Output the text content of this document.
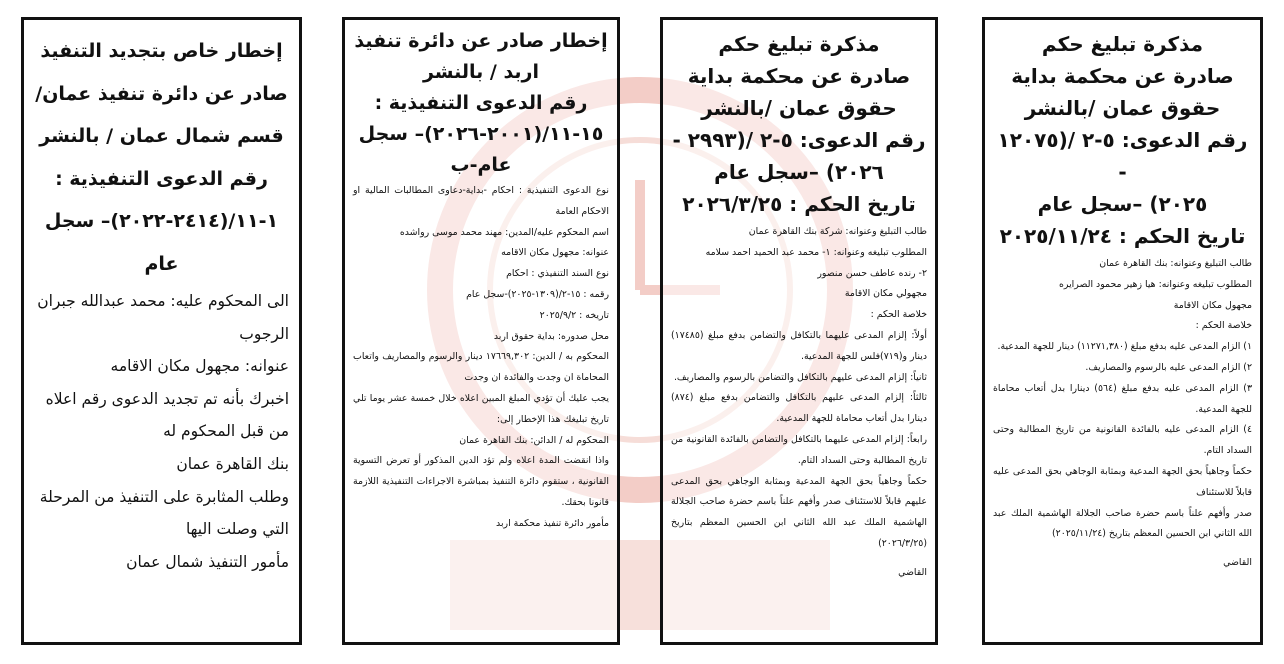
مذكرة تبليغ حكم
صادرة عن محكمة بداية
حقوق عمان /بالنشر
رقم الدعوى: ٥-٢ /(١٢٠٧٥ -
٢٠٢٥) –سجل عام
تاريخ الحكم : ٢٠٢٥/١١/٢٤

طالب التبليغ وعنوانه: بنك القاهرة عمان

المطلوب تبليغه وعنوانه: هيا زهير محمود الصرايره

مجهول مكان الاقامة

خلاصة الحكم :

١) الزام المدعى عليه بدفع مبلغ (١١٢٧١,٣٨٠) دينار للجهة المدعية.

٢) الزام المدعى عليه بالرسوم والمصاريف.

٣) الزام المدعى عليه بدفع مبلغ (٥٦٤) دينارا بدل أتعاب محاماة للجهة المدعية.

٤) الزام المدعى عليه بالفائدة القانونية من تاريخ المطالبة وحتى السداد التام.

حكماً وجاهياً بحق الجهة المدعية وبمثابة الوجاهي بحق المدعى عليه قابلاً للاستئناف

صدر وأفهم علناً باسم حضرة صاحب الجلالة الهاشمية الملك عبد الله الثاني ابن الحسين المعظم بتاريخ (٢٠٢٥/١١/٢٤)

القاضي

مذكرة تبليغ حكم
صادرة عن محكمة بداية
حقوق عمان /بالنشر
رقم الدعوى: ٥-٢ /(٢٩٩٣ -
٢٠٢٦) –سجل عام
تاريخ الحكم : ٢٠٢٦/٣/٢٥

طالب التبليغ وعنوانه: شركة بنك القاهرة عمان

المطلوب تبليغه وعنوانه: ١- محمد عبد الحميد احمد سلامه

٢- رنده عاطف حسن منصور

مجهولي مكان الاقامة

خلاصة الحكم :

أولاً: إلزام المدعى عليهما بالتكافل والتضامن بدفع مبلغ (١٧٤٨٥) دينار و(٧١٩)فلس للجهة المدعية.

ثانياً: إلزام المدعى عليهم بالتكافل والتضامن بالرسوم والمصاريف.

ثالثاً: إلزام المدعى عليهم بالتكافل والتضامن بدفع مبلغ (٨٧٤) دينارا بدل أتعاب محاماة للجهة المدعية.

رابعاً: إلزام المدعى عليهما بالتكافل والتضامن بالفائدة القانونية من تاريخ المطالبة وحتى السداد التام.

حكماً وجاهياً بحق الجهة المدعية وبمثابة الوجاهي بحق المدعى عليهم قابلاً للاستئناف صدر وأفهم علناً باسم حضرة صاحب الجلالة الهاشمية الملك عبد الله الثاني ابن الحسين المعظم بتاريخ (٢٠٢٦/٣/٢٥)

القاضي

إخطار صادر عن دائرة تنفيذ
اربد / بالنشر
رقم الدعوى التنفيذية :
١٥-١١/(٢٠٠١-٢٠٢٦)– سجل
عام-ب

نوع الدعوى التنفيذية : احكام -بداية-دعاوى المطالبات المالية او الاحكام العامة

اسم المحكوم عليه/المدين: مهند محمد موسى رواشده

عنوانه: مجهول مكان الاقامه

نوع السند التنفيذي : احكام

رقمه : ١٥-٢/(١٣٠٩-٢٠٢٥)-سجل عام

تاريخه : ٢٠٢٥/٩/٢

محل صدوره: بداية حقوق اربد

المحكوم به / الدين: ١٧٦٦٩,٣٠٢ دينار والرسوم والمصاريف واتعاب المحاماة ان وجدت والفائدة ان وجدت

يجب عليك أن تؤدي المبلغ المبين اعلاه خلال خمسة عشر يوما تلي تاريخ تبليغك هذا الإخطار إلى:

المحكوم له / الدائن: بنك القاهرة عمان

واذا انقضت المدة اعلاه ولم تؤد الدين المذكور أو تعرض التسوية القانونية ، ستقوم دائرة التنفيذ بمباشرة الاجراءات التنفيذية اللازمة قانونا بحقك.

مأمور دائرة تنفيذ محكمة اربد

إخطار خاص بتجديد التنفيذ
صادر عن دائرة تنفيذ عمان/
قسم شمال عمان / بالنشر
رقم الدعوى التنفيذية :
١-١١/(٢٤١٤-٢٠٢٢)– سجل
عام

الى المحكوم عليه: محمد عبدالله جبران الرجوب

عنوانه: مجهول مكان الاقامه

اخبرك بأنه تم تجديد الدعوى رقم اعلاه من قبل المحكوم له

بنك القاهرة عمان

وطلب المثابرة على التنفيذ من المرحلة التي وصلت اليها

مأمور التنفيذ شمال عمان
